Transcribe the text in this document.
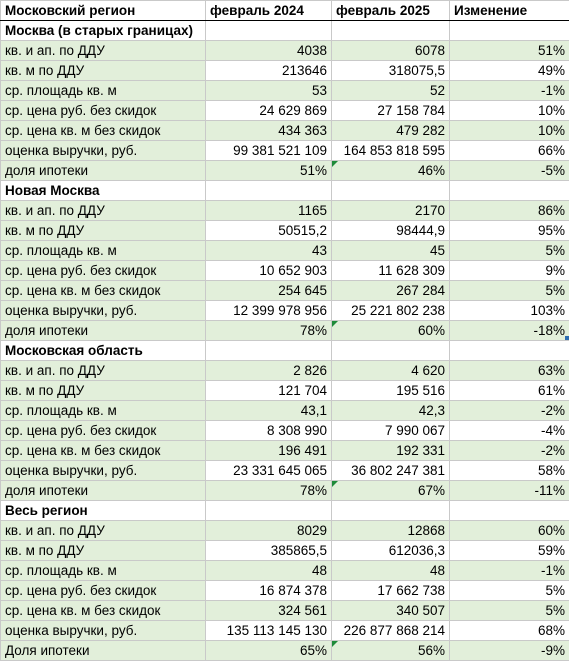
Московский регион	февраль 2024	февраль 2025	Изменение
Москва (в старых границах)			
кв. и ап. по ДДУ	4038	6078	51%
кв. м по ДДУ	213646	318075,5	49%
ср. площадь кв. м	53	52	-1%
ср. цена руб. без скидок	24 629 869	27 158 784	10%
ср. цена кв. м без скидок	434 363	479 282	10%
оценка выручки, руб.	99 381 521 109	164 853 818 595	66%
доля ипотеки	51%	46%	-5%
Новая Москва			
кв. и ап. по ДДУ	1165	2170	86%
кв. м по ДДУ	50515,2	98444,9	95%
ср. площадь кв. м	43	45	5%
ср. цена руб. без скидок	10 652 903	11 628 309	9%
ср. цена кв. м без скидок	254 645	267 284	5%
оценка выручки, руб.	12 399 978 956	25 221 802 238	103%
доля ипотеки	78%	60%	-18%
Московская область			
кв. и ап. по ДДУ	2 826	4 620	63%
кв. м по ДДУ	121 704	195 516	61%
ср. площадь кв. м	43,1	42,3	-2%
ср. цена руб. без скидок	8 308 990	7 990 067	-4%
ср. цена кв. м без скидок	196 491	192 331	-2%
оценка выручки, руб.	23 331 645 065	36 802 247 381	58%
доля ипотеки	78%	67%	-11%
Весь регион			
кв. и ап. по ДДУ	8029	12868	60%
кв. м по ДДУ	385865,5	612036,3	59%
ср. площадь кв. м	48	48	-1%
ср. цена руб. без скидок	16 874 378	17 662 738	5%
ср. цена кв. м без скидок	324 561	340 507	5%
оценка выручки, руб.	135 113 145 130	226 877 868 214	68%
Доля ипотеки	65%	56%	-9%
